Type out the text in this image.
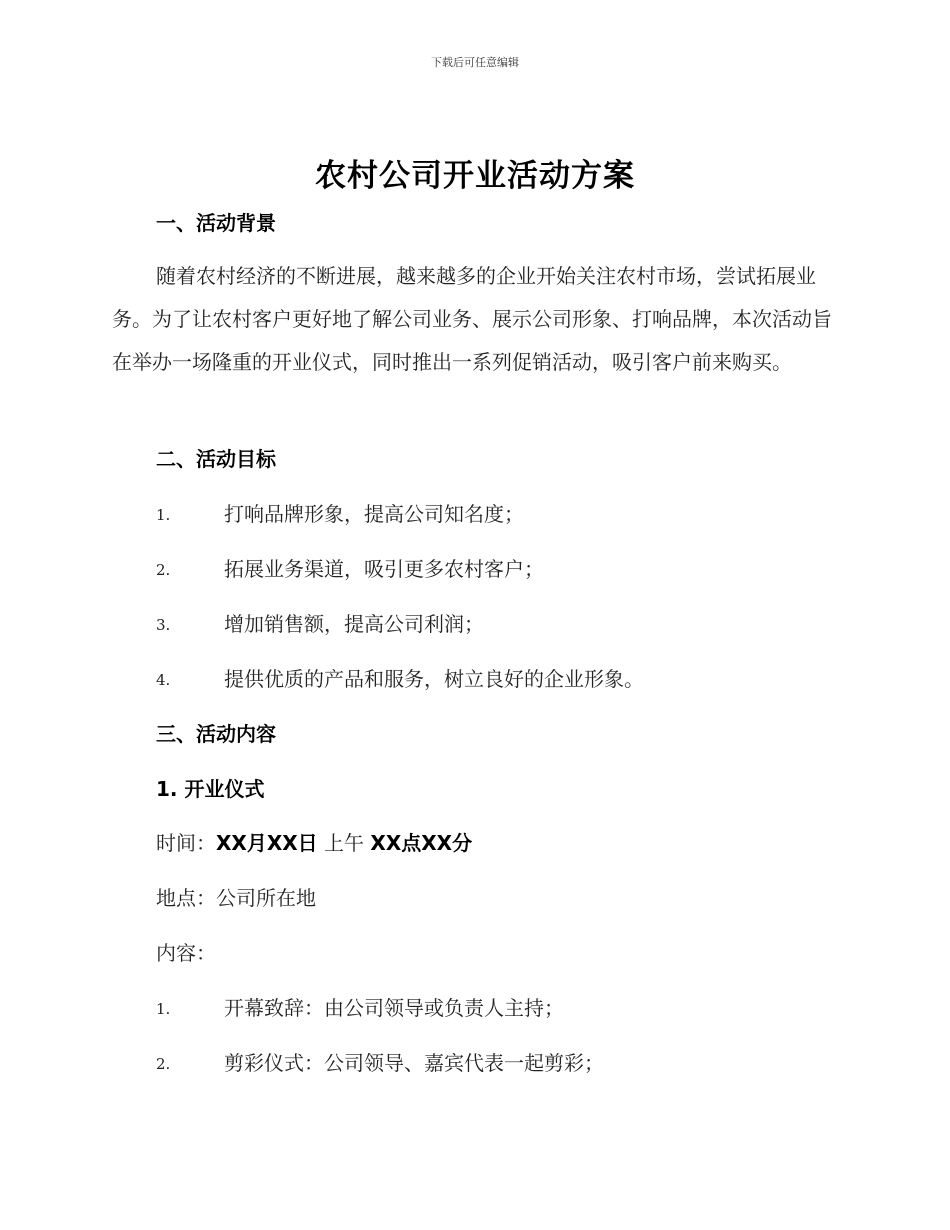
下载后可任意编辑
农村公司开业活动方案
一、活动背景
随着农村经济的不断进展，越来越多的企业开始关注农村市场，尝试拓展业务。为了让农村客户更好地了解公司业务、展示公司形象、打响品牌，本次活动旨在举办一场隆重的开业仪式，同时推出一系列促销活动，吸引客户前来购买。
二、活动目标
1.	打响品牌形象，提高公司知名度；
2.	拓展业务渠道，吸引更多农村客户；
3.	增加销售额，提高公司利润；
4.	提供优质的产品和服务，树立良好的企业形象。
三、活动内容
1. 开业仪式
时间：XX月XX日 上午 XX点XX分
地点：公司所在地
内容：
1.	开幕致辞：由公司领导或负责人主持；
2.	剪彩仪式：公司领导、嘉宾代表一起剪彩；
